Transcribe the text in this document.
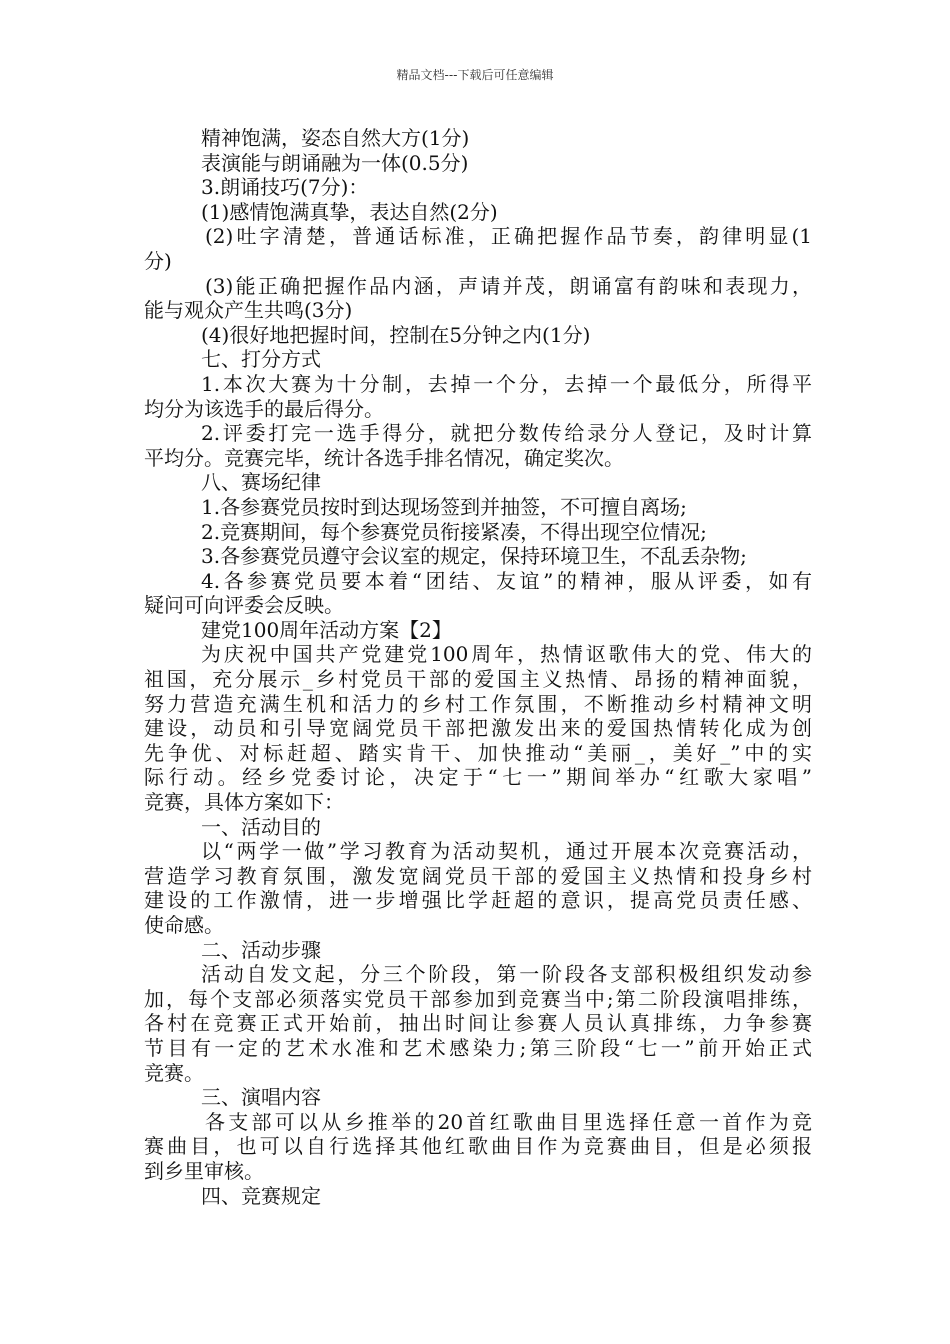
精品文档---下载后可任意编辑
精神饱满，姿态自然大方(1分)
表演能与朗诵融为一体(0.5分)
3.朗诵技巧(7分)：
(1)感情饱满真挚，表达自然(2分)
(2)吐字清楚，普通话标准，正确把握作品节奏，韵律明显(1
分)
(3)能正确把握作品内涵，声请并茂，朗诵富有韵味和表现力，
能与观众产生共鸣(3分)
(4)很好地把握时间，控制在5分钟之内(1分)
七、打分方式
1.本次大赛为十分制，去掉一个分，去掉一个最低分，所得平
均分为该选手的最后得分。
2.评委打完一选手得分，就把分数传给录分人登记，及时计算
平均分。竞赛完毕，统计各选手排名情况，确定奖次。
八、赛场纪律
1.各参赛党员按时到达现场签到并抽签，不可擅自离场;
2.竞赛期间，每个参赛党员衔接紧凑，不得出现空位情况;
3.各参赛党员遵守会议室的规定，保持环境卫生，不乱丢杂物;
4.各参赛党员要本着“团结、友谊”的精神，服从评委，如有
疑问可向评委会反映。
建党100周年活动方案【2】
为庆祝中国共产党建党100周年，热情讴歌伟大的党、伟大的
祖国，充分展示_乡村党员干部的爱国主义热情、昂扬的精神面貌，
努力营造充满生机和活力的乡村工作氛围，不断推动乡村精神文明
建设，动员和引导宽阔党员干部把激发出来的爱国热情转化成为创
先争优、对标赶超、踏实肯干、加快推动“美丽_，美好_”中的实
际行动。经乡党委讨论，决定于“七一”期间举办“红歌大家唱”
竞赛，具体方案如下：
一、活动目的
以“两学一做”学习教育为活动契机，通过开展本次竞赛活动，
营造学习教育氛围，激发宽阔党员干部的爱国主义热情和投身乡村
建设的工作激情，进一步增强比学赶超的意识，提高党员责任感、
使命感。
二、活动步骤
活动自发文起，分三个阶段，第一阶段各支部积极组织发动参
加，每个支部必须落实党员干部参加到竞赛当中;第二阶段演唱排练，
各村在竞赛正式开始前，抽出时间让参赛人员认真排练，力争参赛
节目有一定的艺术水准和艺术感染力;第三阶段“七一”前开始正式
竞赛。
三、演唱内容
各支部可以从乡推举的20首红歌曲目里选择任意一首作为竞
赛曲目，也可以自行选择其他红歌曲目作为竞赛曲目，但是必须报
到乡里审核。
四、竞赛规定
